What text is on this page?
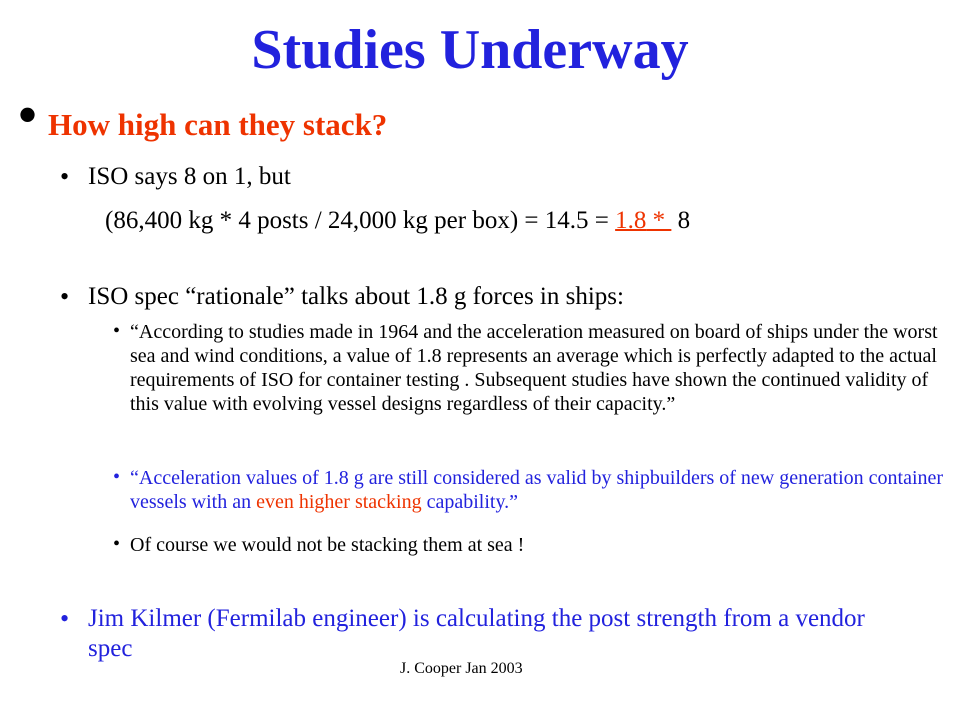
Studies Underway
• How high can they stack?
• ISO says 8 on 1, but
(86,400 kg * 4 posts / 24,000 kg per box) = 14.5 = 1.8 *  8
• ISO spec “rationale” talks about 1.8 g forces in ships:
• “According to studies made in 1964 and the acceleration measured on board of ships under the worst sea and wind conditions, a value of 1.8 represents an average which is perfectly adapted to the actual requirements of ISO for container testing . Subsequent studies have shown the continued validity of this value with evolving vessel designs regardless of their capacity.”
• “Acceleration values of 1.8 g are still considered as valid by shipbuilders of new generation container vessels with an even higher stacking capability.”
• Of course we would not be stacking them at sea !
• Jim Kilmer (Fermilab engineer) is calculating the post strength from a vendor spec
J. Cooper Jan 2003
